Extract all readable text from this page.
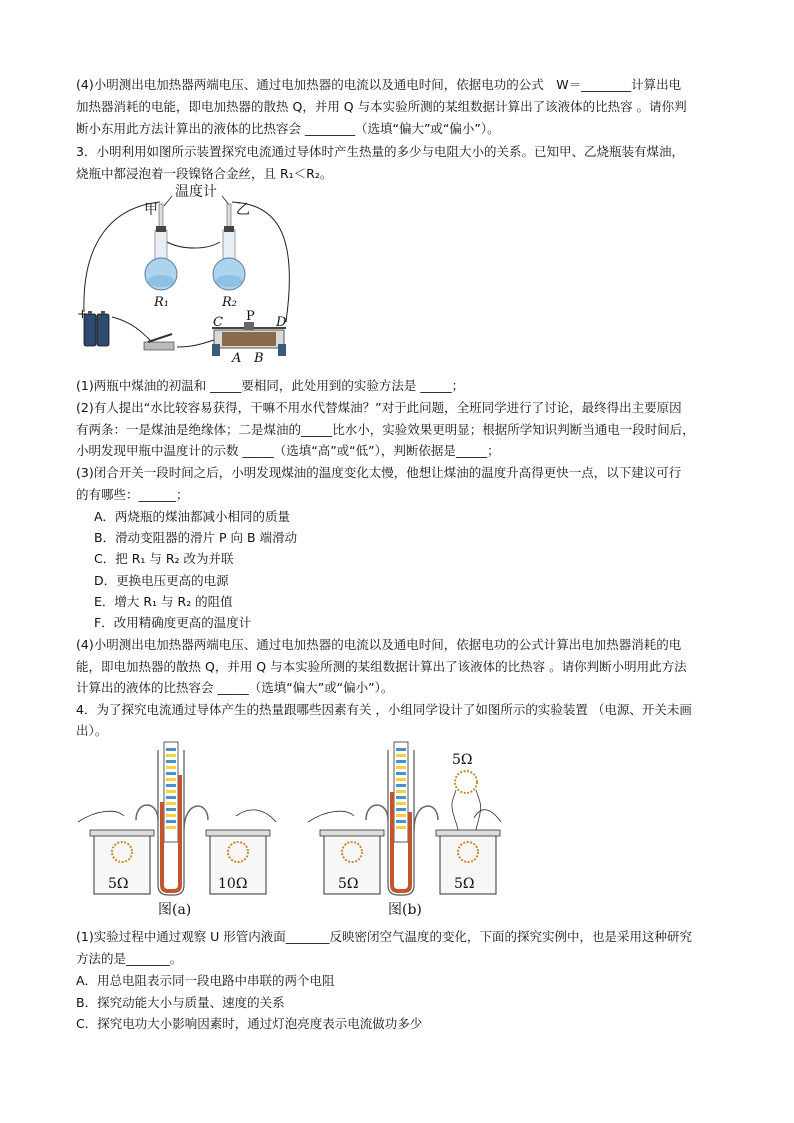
(4)小明测出电加热器两端电压、通过电加热器的电流以及通电时间，依据电功的公式　W＝________计算出电
加热器消耗的电能，即电加热器的散热 Q，并用 Q 与本实验所测的某组数据计算出了该液体的比热容 。请你判
断小东用此方法计算出的液体的比热容会 ________（选填“偏大”或“偏小”）。
3．小明利用如图所示装置探究电流通过导体时产生热量的多少与电阻大小的关系。已知甲、乙烧瓶装有煤油，
烧瓶中都浸泡着一段镍铬合金丝，且 R₁＜R₂。
温度计
甲	乙
R₁	R₂
+
C P D
A B
(1)两瓶中煤油的初温和 _____要相同，此处用到的实验方法是 _____；
(2)有人提出“水比较容易获得，干嘛不用水代替煤油？”对于此问题，全班同学进行了讨论，最终得出主要原因
有两条：一是煤油是绝缘体；二是煤油的_____比水小，实验效果更明显；根据所学知识判断当通电一段时间后，
小明发现甲瓶中温度计的示数 _____（选填“高”或“低”），判断依据是_____；
(3)闭合开关一段时间之后，小明发现煤油的温度变化太慢，他想让煤油的温度升高得更快一点，以下建议可行
的有哪些：______；
A．两烧瓶的煤油都减小相同的质量
B．滑动变阻器的滑片 P 向 B 端滑动
C．把 R₁ 与 R₂ 改为并联
D．更换电压更高的电源
E．增大 R₁ 与 R₂ 的阻值
F．改用精确度更高的温度计
(4)小明测出电加热器两端电压、通过电加热器的电流以及通电时间，依据电功的公式计算出电加热器消耗的电
能，即电加热器的散热 Q，并用 Q 与本实验所测的某组数据计算出了该液体的比热容 。请你判断小明用此方法
计算出的液体的比热容会 _____（选填“偏大”或“偏小”）。
4．为了探究电流通过导体产生的热量跟哪些因素有关 ，小组同学设计了如图所示的实验装置 （电源、开关未画
出）。
5Ω	10Ω
图(a)
5Ω
5Ω	5Ω
图(b)
(1)实验过程中通过观察 U 形管内液面_______反映密闭空气温度的变化，下面的探究实例中，也是采用这种研究
方法的是_______。
A．用总电阻表示同一段电路中串联的两个电阻
B．探究动能大小与质量、速度的关系
C．探究电功大小影响因素时，通过灯泡亮度表示电流做功多少
